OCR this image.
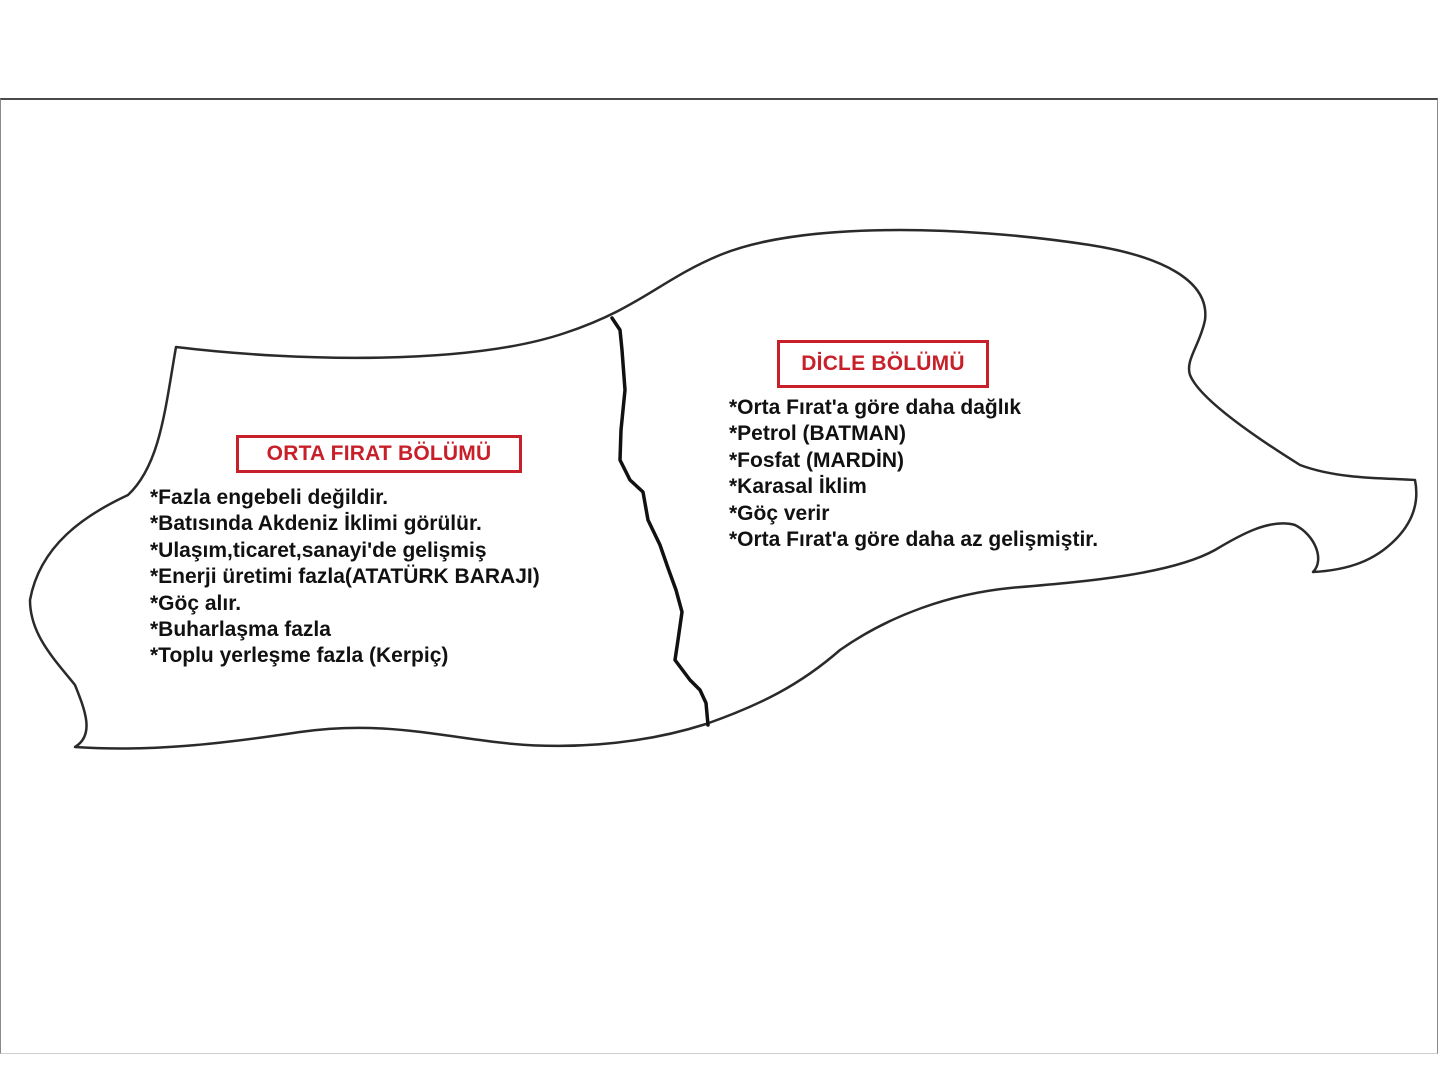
ORTA FIRAT BÖLÜMÜ
*Fazla engebeli değildir.
*Batısında Akdeniz İklimi görülür.
*Ulaşım,ticaret,sanayi'de gelişmiş
*Enerji üretimi fazla(ATATÜRK BARAJI)
*Göç alır.
*Buharlaşma fazla
*Toplu yerleşme fazla (Kerpiç)
DİCLE BÖLÜMÜ
*Orta Fırat'a göre daha dağlık
*Petrol (BATMAN)
*Fosfat (MARDİN)
*Karasal İklim
*Göç verir
*Orta Fırat'a göre daha az gelişmiştir.
